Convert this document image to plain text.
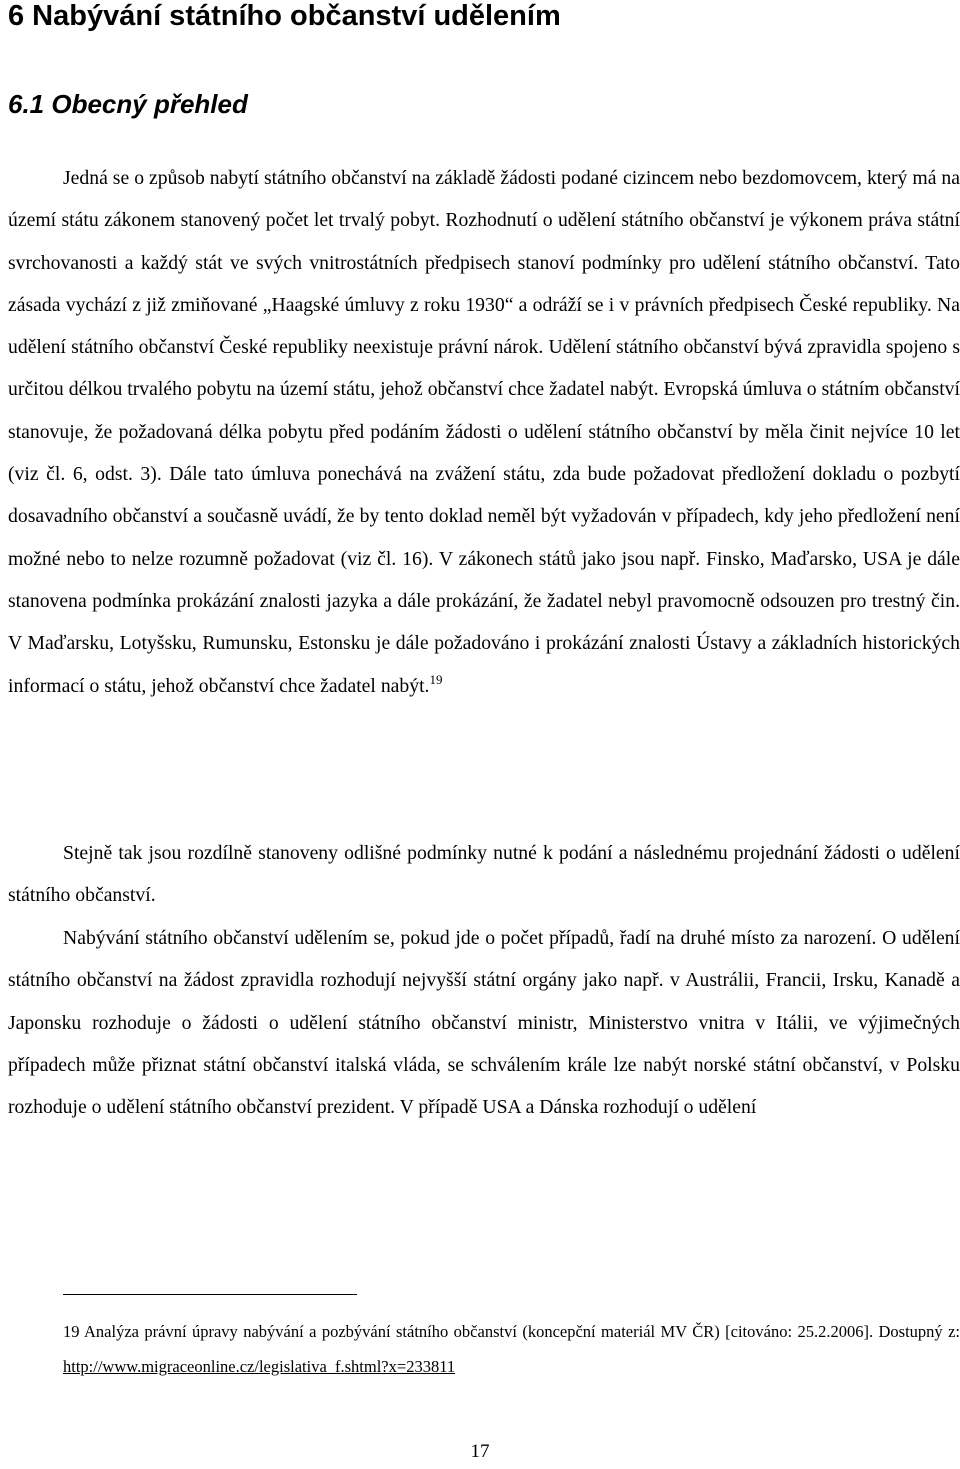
6 Nabývání státního občanství udělením
6.1 Obecný přehled

Jedná se o způsob nabytí státního občanství na základě žádosti podané cizincem nebo bezdomovcem, který má na území státu zákonem stanovený počet let trvalý pobyt. Rozhodnutí o udělení státního občanství je výkonem práva státní svrchovanosti a každý stát ve svých vnitrostátních předpisech stanoví podmínky pro udělení státního občanství. Tato zásada vychází z již zmiňované „Haagské úmluvy z roku 1930“ a odráží se i v právních předpisech České republiky. Na udělení státního občanství České republiky neexistuje právní nárok. Udělení státního občanství bývá zpravidla spojeno s určitou délkou trvalého pobytu na území státu, jehož občanství chce žadatel nabýt. Evropská úmluva o státním občanství stanovuje, že požadovaná délka pobytu před podáním žádosti o udělení státního občanství by měla činit nejvíce 10 let (viz čl. 6, odst. 3). Dále tato úmluva ponechává na zvážení státu, zda bude požadovat předložení dokladu o pozbytí dosavadního občanství a současně uvádí, že by tento doklad neměl být vyžadován v případech, kdy jeho předložení není možné nebo to nelze rozumně požadovat (viz čl. 16). V zákonech států jako jsou např. Finsko, Maďarsko, USA je dále stanovena podmínka prokázání znalosti jazyka a dále prokázání, že žadatel nebyl pravomocně odsouzen pro trestný čin. V Maďarsku, Lotyšsku, Rumunsku, Estonsku je dále požadováno i prokázání znalosti Ústavy a základních historických informací o státu, jehož občanství chce žadatel nabýt.$^{19}$

Stejně tak jsou rozdílně stanoveny odlišné podmínky nutné k podání a následnému projednání žádosti o udělení státního občanství.

Nabývání státního občanství udělením se, pokud jde o počet případů, řadí na druhé místo za narození. O udělení státního občanství na žádost zpravidla rozhodují nejvyšší státní orgány jako např. v Austrálii, Francii, Irsku, Kanadě a Japonsku rozhoduje o žádosti o udělení státního občanství ministr, Ministerstvo vnitra v Itálii, ve výjimečných případech může přiznat státní občanství italská vláda, se schválením krále lze nabýt norské státní občanství, v Polsku rozhoduje o udělení státního občanství prezident. V případě USA a Dánska rozhodují o udělení

19 Analýza právní úpravy nabývání a pozbývání státního občanství (koncepční materiál MV ČR) [citováno: 25.2.2006]. Dostupný z: http://www.migraceonline.cz/legislativa_f.shtml?x=233811

17
